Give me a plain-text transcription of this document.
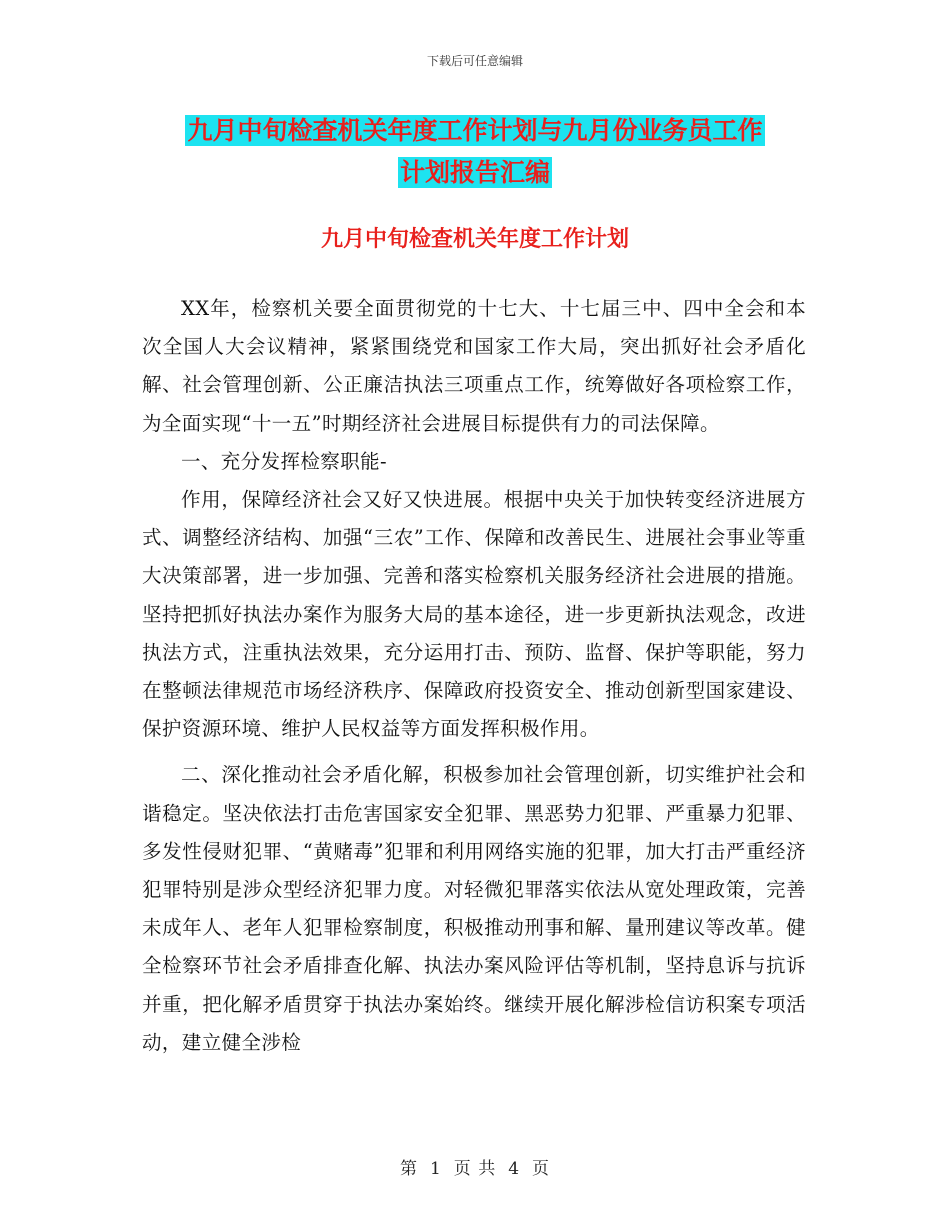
下载后可任意编辑
九月中旬检查机关年度工作计划与九月份业务员工作
计划报告汇编
九月中旬检查机关年度工作计划

XX年，检察机关要全面贯彻党的十七大、十七届三中、四中全会和本次全国人大会议精神，紧紧围绕党和国家工作大局，突出抓好社会矛盾化解、社会管理创新、公正廉洁执法三项重点工作，统筹做好各项检察工作，为全面实现“十一五”时期经济社会进展目标提供有力的司法保障。

一、充分发挥检察职能-

作用，保障经济社会又好又快进展。根据中央关于加快转变经济进展方式、调整经济结构、加强“三农”工作、保障和改善民生、进展社会事业等重大决策部署，进一步加强、完善和落实检察机关服务经济社会进展的措施。坚持把抓好执法办案作为服务大局的基本途径，进一步更新执法观念，改进执法方式，注重执法效果，充分运用打击、预防、监督、保护等职能，努力在整顿法律规范市场经济秩序、保障政府投资安全、推动创新型国家建设、保护资源环境、维护人民权益等方面发挥积极作用。

二、深化推动社会矛盾化解，积极参加社会管理创新，切实维护社会和谐稳定。坚决依法打击危害国家安全犯罪、黑恶势力犯罪、严重暴力犯罪、多发性侵财犯罪、“黄赌毒”犯罪和利用网络实施的犯罪，加大打击严重经济犯罪特别是涉众型经济犯罪力度。对轻微犯罪落实依法从宽处理政策，完善未成年人、老年人犯罪检察制度，积极推动刑事和解、量刑建议等改革。健全检察环节社会矛盾排查化解、执法办案风险评估等机制，坚持息诉与抗诉并重，把化解矛盾贯穿于执法办案始终。继续开展化解涉检信访积案专项活动，建立健全涉检

第 1 页 共 4 页
